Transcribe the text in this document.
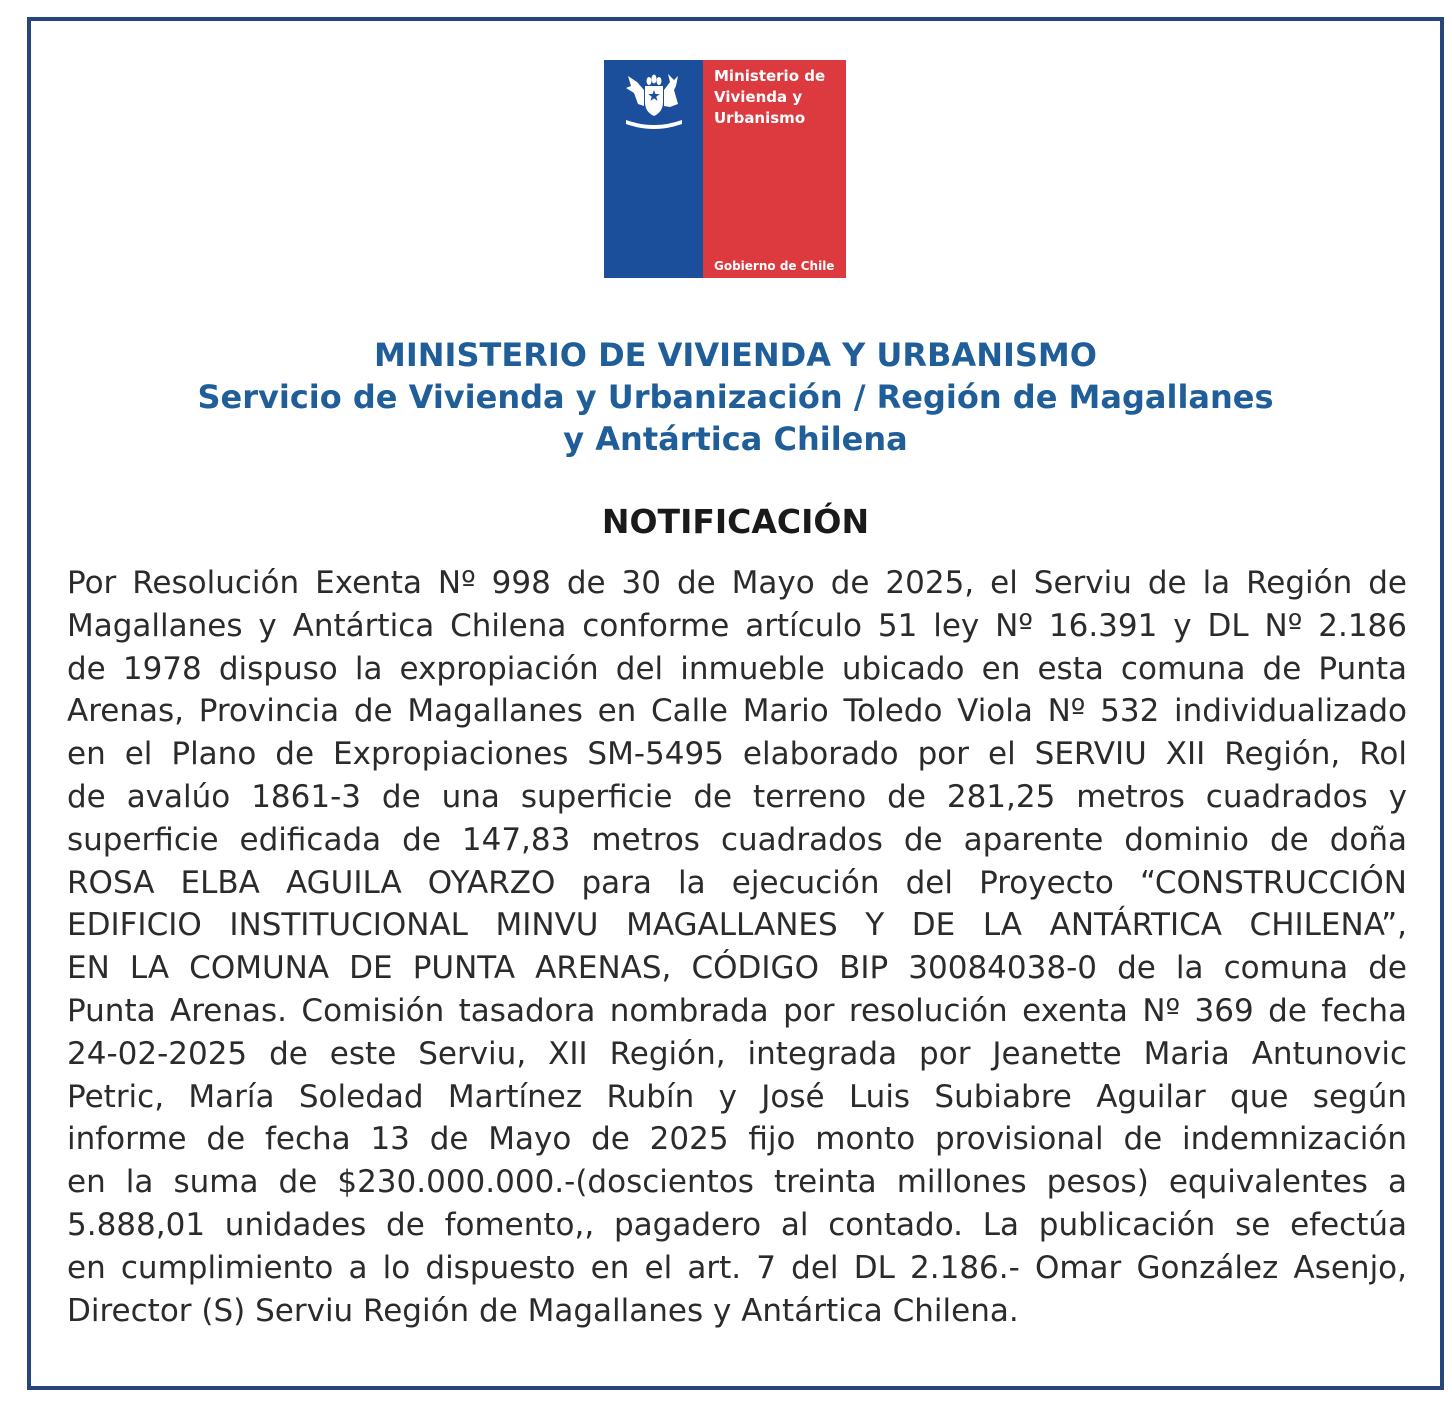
Ministerio de
Vivienda y
Urbanismo
Gobierno de Chile
MINISTERIO DE VIVIENDA Y URBANISMO
Servicio de Vivienda y Urbanización / Región de Magallanes
y Antártica Chilena
NOTIFICACIÓN
Por Resolución Exenta Nº 998 de 30 de Mayo de 2025, el Serviu de la Región de
Magallanes y Antártica Chilena conforme artículo 51 ley Nº 16.391 y DL Nº 2.186
de 1978 dispuso la expropiación del inmueble ubicado en esta comuna de Punta
Arenas, Provincia de Magallanes en Calle Mario Toledo Viola Nº 532 individualizado
en el Plano de Expropiaciones SM-5495 elaborado por el SERVIU XII Región, Rol
de avalúo 1861-3 de una superficie de terreno de 281,25 metros cuadrados y
superficie edificada de 147,83 metros cuadrados de aparente dominio de doña
ROSA ELBA AGUILA OYARZO para la ejecución del Proyecto “CONSTRUCCIÓN
EDIFICIO INSTITUCIONAL MINVU MAGALLANES Y DE LA ANTÁRTICA CHILENA”,
EN LA COMUNA DE PUNTA ARENAS, CÓDIGO BIP 30084038-0 de la comuna de
Punta Arenas. Comisión tasadora nombrada por resolución exenta Nº 369 de fecha
24-02-2025 de este Serviu, XII Región, integrada por Jeanette Maria Antunovic
Petric, María Soledad Martínez Rubín y José Luis Subiabre Aguilar que según
informe de fecha 13 de Mayo de 2025 fijo monto provisional de indemnización
en la suma de $230.000.000.-(doscientos treinta millones pesos) equivalentes a
5.888,01 unidades de fomento,, pagadero al contado. La publicación se efectúa
en cumplimiento a lo dispuesto en el art. 7 del DL 2.186.- Omar González Asenjo,
Director (S) Serviu Región de Magallanes y Antártica Chilena.
